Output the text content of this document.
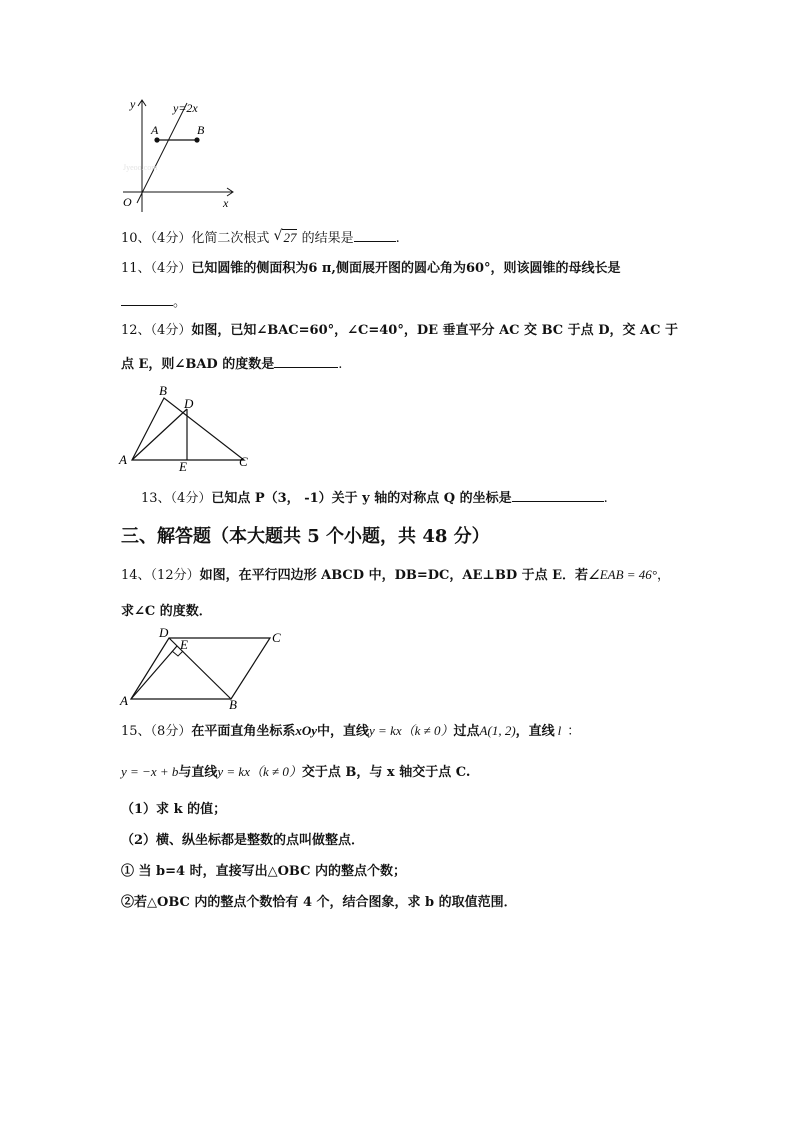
y
x
O
y=2x
A	B
Jyeoo.com
10、（4分）化简二次根式 √ 27 的结果是	.
11、（4分）已知圆锥的侧面积为6 π,侧面展开图的圆心角为60°，则该圆锥的母线长是
。
12、（4分）如图，已知∠BAC=60°，∠C=40°，DE 垂直平分 AC 交 BC 于点 D，交 AC 于
点 E，则∠BAD 的度数是	.
A
B
C
D
E
13、（4分）已知点 P（3， -1）关于 y 轴的对称点 Q 的坐标是	.
三、解答题（本大题共 5 个小题，共 48 分）
14、（12分）如图，在平行四边形 ABCD 中，DB=DC，AE⊥BD 于点 E．若∠EAB = 46°，
求∠C 的度数．
A	B
C
D
E
15、（8分）在平面直角坐标系xOy中，直线y = kx（k ≠ 0）过点A(1, 2)，直线 l ：
y = −x + b与直线y = kx（k ≠ 0）交于点 B，与 x 轴交于点 C.
（1）求 k 的值；
（2）横、纵坐标都是整数的点叫做整点．
① 当 b=4 时，直接写出△OBC 内的整点个数；
②若△OBC 内的整点个数恰有 4 个，结合图象，求 b 的取值范围．
